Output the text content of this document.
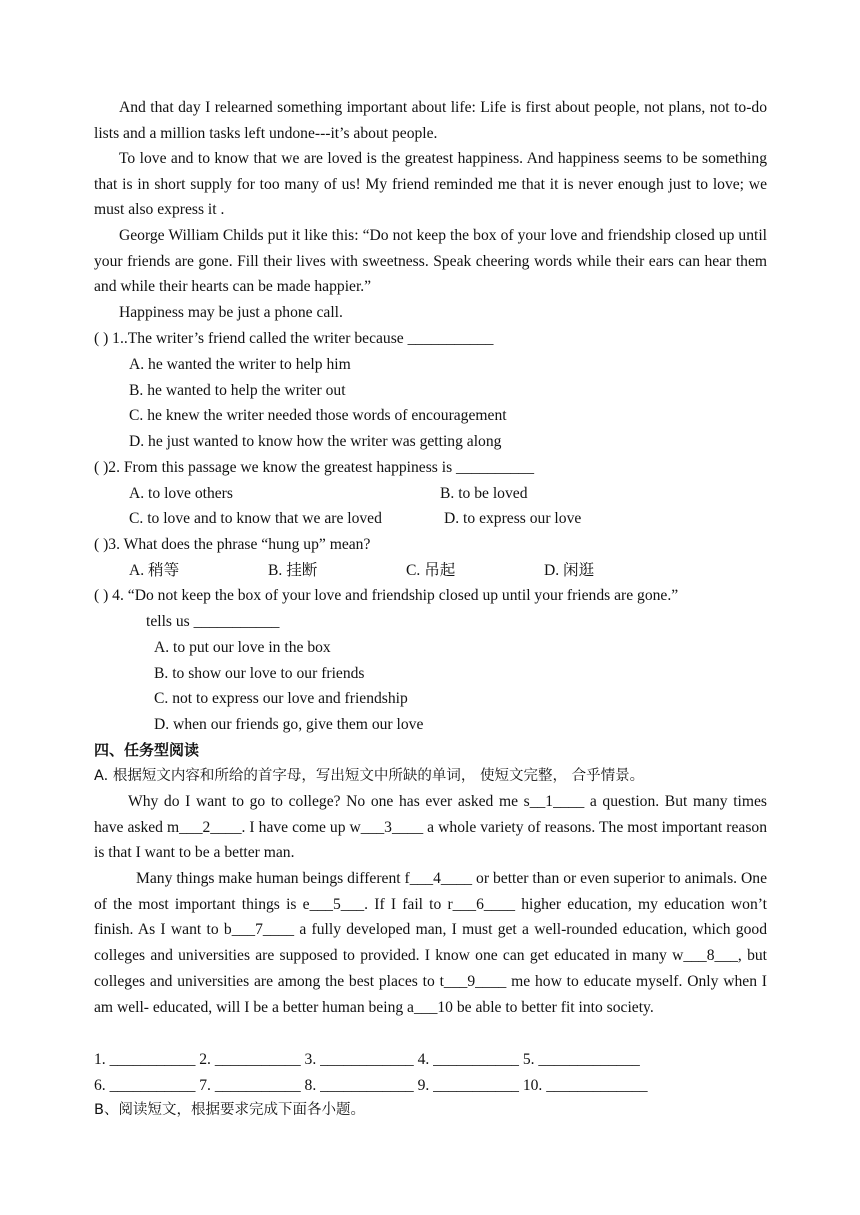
And that day I relearned something important about life: Life is first about people, not plans, not to-do lists and a million tasks left undone---it’s about people.

To love and to know that we are loved is the greatest happiness. And happiness seems to be something that is in short supply for too many of us! My friend reminded me that it is never enough just to love; we must also express it .

George William Childs put it like this: “Do not keep the box of your love and friendship closed up until your friends are gone. Fill their lives with sweetness. Speak cheering words while their ears can hear them and while their hearts can be made happier.”

Happiness may be just a phone call.

( ) 1..The writer’s friend called the writer because ___________

A. he wanted the writer to help him

B. he wanted to help the writer out

C. he knew the writer needed those words of encouragement

D. he just wanted to know how the writer was getting along

( )2. From this passage we know the greatest happiness is __________

A. to love others	B. to be loved

C. to love and to know that we are loved	D. to express our love

( )3. What does the phrase “hung up” mean?

A. 稍等	B. 挂断	C. 吊起	D. 闲逛

( ) 4. “Do not keep the box of your love and friendship closed up until your friends are gone.”

tells us ___________

A. to put our love in the box

B. to show our love to our friends

C. not to express our love and friendship

D. when our friends go, give them our love

四、任务型阅读

A. 根据短文内容和所给的首字母，写出短文中所缺的单词， 使短文完整， 合乎情景。

Why do I want to go to college? No one has ever asked me s__1____ a question. But many times have asked m___2____. I have come up w___3____ a whole variety of reasons. The most important reason is that I want to be a better man.

Many things make human beings different f___4____ or better than or even superior to animals. One of the most important things is e___5___. If I fail to r___6____ higher education, my education won’t finish. As I want to b___7____ a fully developed man, I must get a well-rounded education, which good colleges and universities are supposed to provided. I know one can get educated in many w___8___, but colleges and universities are among the best places to t___9____ me how to educate myself. Only when I am well- educated, will I be a better human being a___10 be able to better fit into society.

1. ___________ 2. ___________ 3. ____________ 4. ___________ 5. _____________

6. ___________ 7. ___________ 8. ____________ 9. ___________ 10. _____________

B、阅读短文，根据要求完成下面各小题。
